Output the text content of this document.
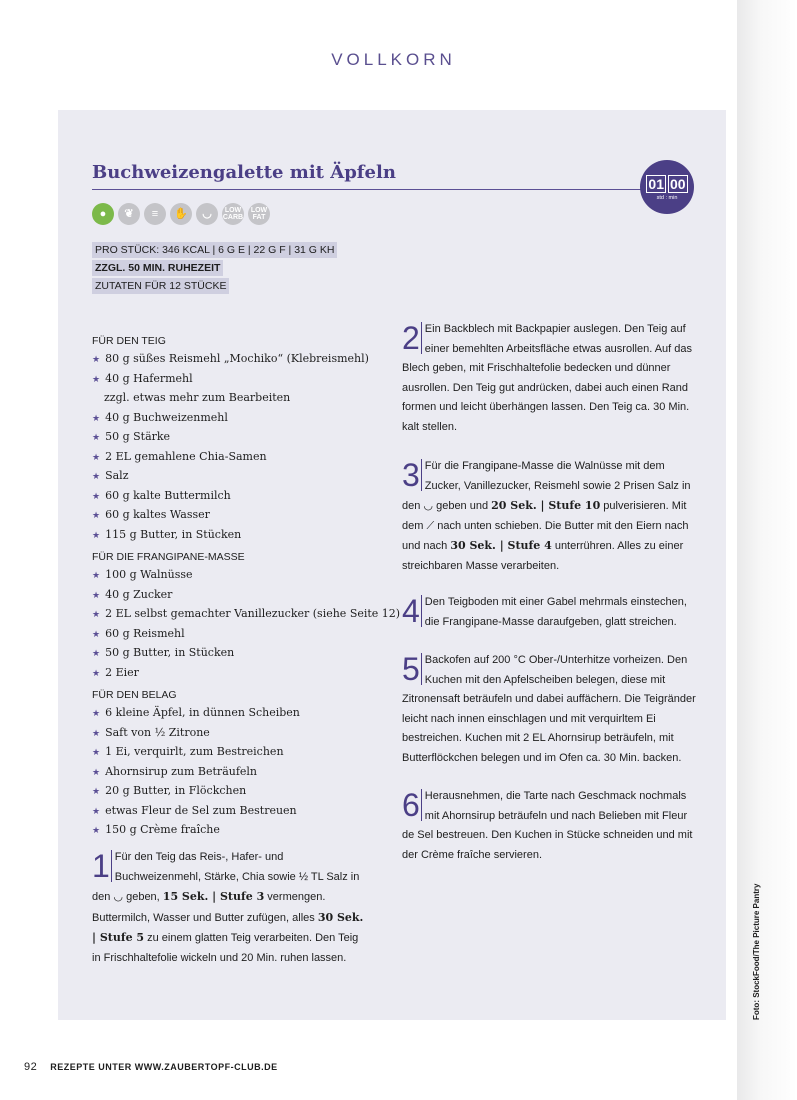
VOLLKORN
Buchweizengalette mit Äpfeln
01 00
std : min
●	❦	≡	✋	◡	LOW
CARB
LOW
FAT
PRO STÜCK: 346 KCAL | 6 G E | 22 G F | 31 G KH
ZZGL. 50 MIN. RUHEZEIT
ZUTATEN FÜR 12 STÜCKE
FÜR DEN TEIG
★ 80 g süßes Reismehl „Mochiko“ (Klebreismehl)
★ 40 g Hafermehl
zzgl. etwas mehr zum Bearbeiten
★ 40 g Buchweizenmehl
★ 50 g Stärke
★ 2 EL gemahlene Chia-Samen
★ Salz
★ 60 g kalte Buttermilch
★ 60 g kaltes Wasser
★ 115 g Butter, in Stücken
FÜR DIE FRANGIPANE-MASSE
★ 100 g Walnüsse
★ 40 g Zucker
★ 2 EL selbst gemachter Vanillezucker (siehe Seite 12)
★ 60 g Reismehl
★ 50 g Butter, in Stücken
★ 2 Eier
FÜR DEN BELAG
★ 6 kleine Äpfel, in dünnen Scheiben
★ Saft von ½ Zitrone
★ 1 Ei, verquirlt, zum Bestreichen
★ Ahornsirup zum Beträufeln
★ 20 g Butter, in Flöckchen
★ etwas Fleur de Sel zum Bestreuen
★ 150 g Crème fraîche
1 Für den Teig das Reis-, Hafer- und Buchweizenmehl, Stärke, Chia sowie ½ TL Salz in den ◡ geben, 15 Sek. | Stufe 3 vermengen. Buttermilch, Wasser und Butter zufügen, alles 30 Sek. | Stufe 5 zu einem glatten Teig verarbeiten. Den Teig in Frischhaltefolie wickeln und 20 Min. ruhen lassen.
2 Ein Backblech mit Backpapier auslegen. Den Teig auf einer bemehlten Arbeitsfläche etwas ausrollen. Auf das Blech geben, mit Frischhaltefolie bedecken und dünner ausrollen. Den Teig gut andrücken, dabei auch einen Rand formen und leicht überhängen lassen. Den Teig ca. 30 Min. kalt stellen.
3 Für die Frangipane-Masse die Walnüsse mit dem Zucker, Vanillezucker, Reismehl sowie 2 Prisen Salz in den ◡ geben und 20 Sek. | Stufe 10 pulverisieren. Mit dem ⟋ nach unten schieben. Die Butter mit den Eiern nach und nach 30 Sek. | Stufe 4 unterrühren. Alles zu einer streichbaren Masse verarbeiten.
4 Den Teigboden mit einer Gabel mehrmals einstechen, die Frangipane-Masse daraufgeben, glatt streichen.
5 Backofen auf 200 °C Ober-/Unterhitze vorheizen. Den Kuchen mit den Apfelscheiben belegen, diese mit Zitronensaft beträufeln und dabei auffächern. Die Teigränder leicht nach innen einschlagen und mit verquirltem Ei bestreichen. Kuchen mit 2 EL Ahornsirup beträufeln, mit Butterflöckchen belegen und im Ofen ca. 30 Min. backen.
6 Herausnehmen, die Tarte nach Geschmack nochmals mit Ahornsirup beträufeln und nach Belieben mit Fleur de Sel bestreuen. Den Kuchen in Stücke schneiden und mit der Crème fraîche servieren.
92 REZEPTE UNTER WWW.ZAUBERTOPF-CLUB.DE
Foto: StockFood/The Picture Pantry
